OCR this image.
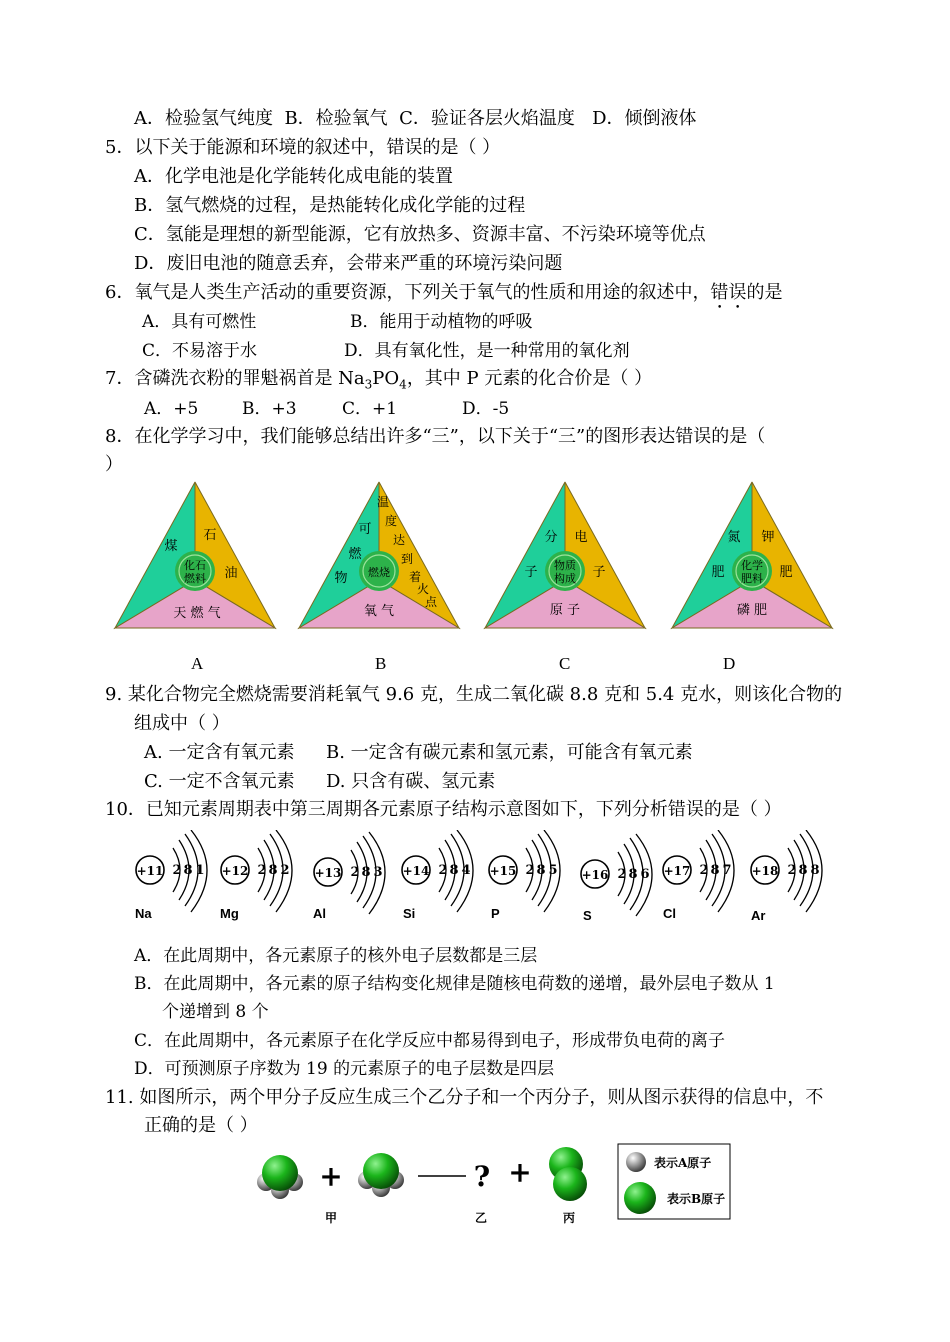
A．检验氢气纯度 B．检验氧气 C．验证各层火焰温度 D．倾倒液体
5．以下关于能源和环境的叙述中，错误的是（ ）
A．化学电池是化学能转化成电能的装置
B．氢气燃烧的过程，是热能转化成化学能的过程
C．氢能是理想的新型能源，它有放热多、资源丰富、不污染环境等优点
D．废旧电池的随意丢弃，会带来严重的环境污染问题
6．氧气是人类生产活动的重要资源，下列关于氧气的性质和用途的叙述中，错误的是
A．具有可燃性	B．能用于动植物的呼吸
C．不易溶于水	D．具有氧化性，是一种常用的氧化剂
7．含磷洗衣粉的罪魁祸首是 $Na_3PO_4$，其中 P 元素的化合价是（ ）
A．+5	B．+3	C．+1	D．-5
8．在化学学习中，我们能够总结出许多“三”，以下关于“三”的图形表达错误的是（
）
煤
石
油
天 燃 气
化石
燃料
可
燃
物
温
度
达
到
着
火
点
氧 气
燃烧
分
子
电
子
原 子
物质
构成
氮
肥
钾
肥
磷 肥
化学
肥料
A	B	C	D
9. 某化合物完全燃烧需要消耗氧气 9.6 克，生成二氧化碳 8.8 克和 5.4 克水，则该化合物的
组成中（ ）
A. 一定含有氧元素 B. 一定含有碳元素和氢元素，可能含有氧元素
C. 一定不含氧元素 D. 只含有碳、氢元素
10．已知元素周期表中第三周期各元素原子结构示意图如下，下列分析错误的是（ ）
+11 2 8 1
Na
+12 2 8 2
Mg
+13 2 8 3
Al
+14 2 8 4
Si
+15 2 8 5
P
+16 2 8 6
S
+17 2 8 7
Cl
+18 2 8 8
Ar
A．在此周期中，各元素原子的核外电子层数都是三层
B．在此周期中，各元素的原子结构变化规律是随核电荷数的递增，最外层电子数从 1
个递增到 8 个
C．在此周期中，各元素原子在化学反应中都易得到电子，形成带负电荷的离子
D．可预测原子序数为 19 的元素原子的电子层数是四层
11. 如图所示，两个甲分子反应生成三个乙分子和一个丙分子，则从图示获得的信息中，不
正确的是（ ）
+	? +
甲	乙	丙
表示A原子
表示B原子
